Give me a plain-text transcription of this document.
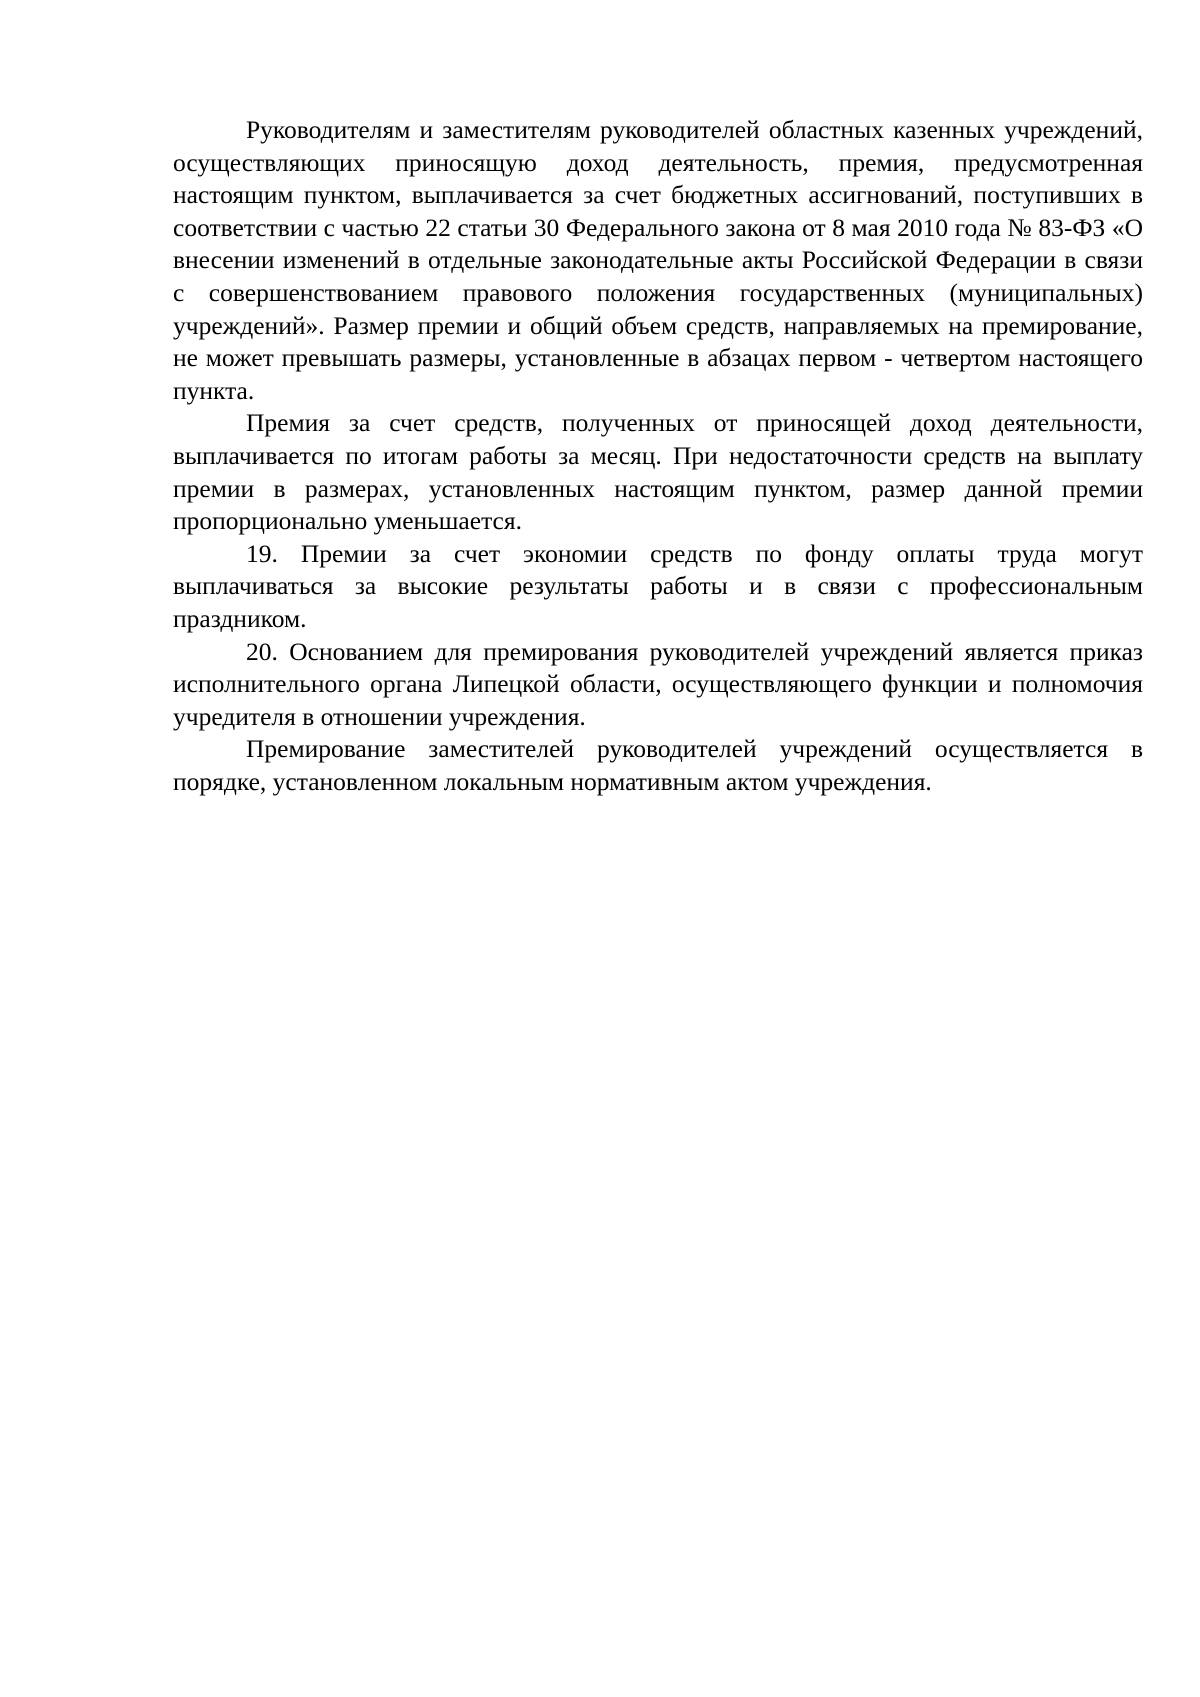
Руководителям и заместителям руководителей областных казенных учреждений, осуществляющих приносящую доход деятельность, премия, предусмотренная настоящим пунктом, выплачивается за счет бюджетных ассигнований, поступивших в соответствии с частью 22 статьи 30 Федерального закона от 8 мая 2010 года № 83-ФЗ «О внесении изменений в отдельные законодательные акты Российской Федерации в связи с совершенствованием правового положения государственных (муниципальных) учреждений». Размер премии и общий объем средств, направляемых на премирование, не может превышать размеры, установленные в абзацах первом - четвертом настоящего пункта.

Премия за счет средств, полученных от приносящей доход деятельности, выплачивается по итогам работы за месяц. При недостаточности средств на выплату премии в размерах, установленных настоящим пунктом, размер данной премии пропорционально уменьшается.

19. Премии за счет экономии средств по фонду оплаты труда могут выплачиваться за высокие результаты работы и в связи с профессиональным праздником.

20. Основанием для премирования руководителей учреждений является приказ исполнительного органа Липецкой области, осуществляющего функции и полномочия учредителя в отношении учреждения.

Премирование заместителей руководителей учреждений осуществляется в порядке, установленном локальным нормативным актом учреждения.
